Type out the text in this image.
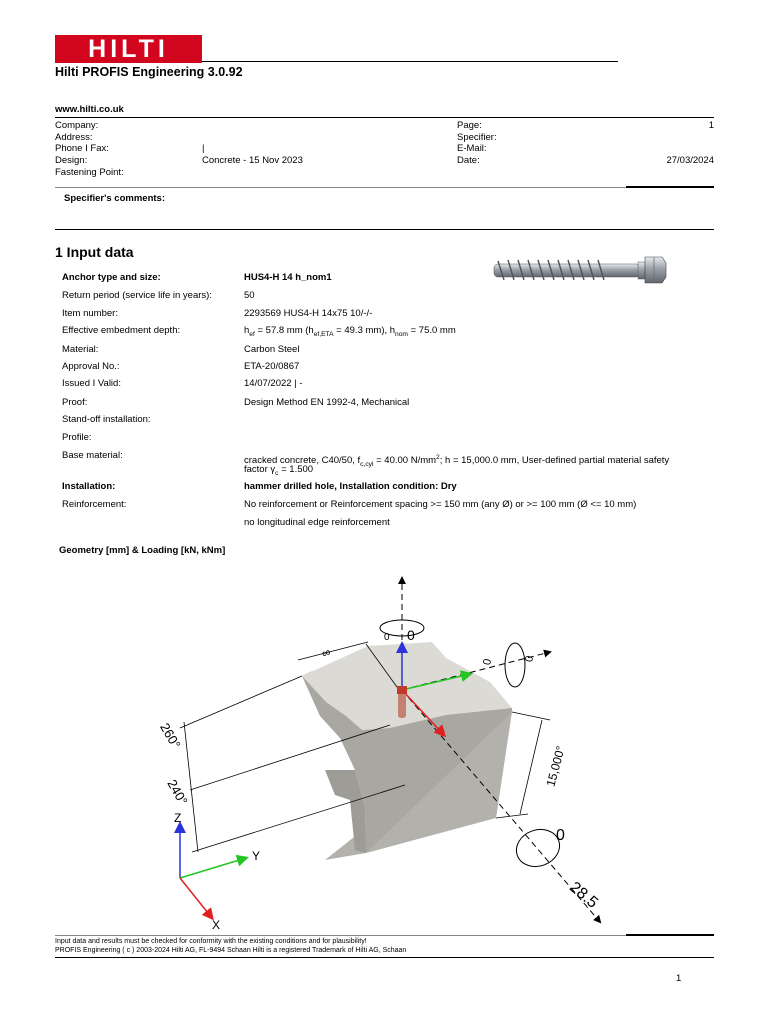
HILTI
Hilti PROFIS Engineering 3.0.92
www.hilti.co.uk
Company:
Address:
Phone I Fax:	|
Design:	Concrete - 15 Nov 2023
Fastening Point:
Page:	1
Specifier:
E-Mail:
Date:	27/03/2024
Specifier's comments:
1 Input data
Anchor type and size:	HUS4-H 14 h_nom1
Return period (service life in years):	50
Item number:	2293569 HUS4-H 14x75 10/-/-
Effective embedment depth:	$h_{ef} = 57.8$ mm ($h_{ef,ETA} = 49.3$ mm), $h_{nom} = 75.0$ mm
Material:	Carbon Steel
Approval No.:	ETA-20/0867
Issued I Valid:	14/07/2022 | -
Proof:	Design Method EN 1992-4, Mechanical
Stand-off installation:
Profile:
Base material:	cracked concrete, C40/50, $f_{c,cyl} = 40.00$ $N/mm^2$; h = 15,000.0 mm, User-defined partial material safety
factor $\gamma_c = 1.500$
Installation:	hammer drilled hole, Installation condition: Dry
Reinforcement:	No reinforcement or Reinforcement spacing >= 150 mm (any Ø) or >= 100 mm (Ø <= 10 mm)
no longitudinal edge reinforcement
Geometry [mm] & Loading [kN, kNm]
0
0
0	0
0
28.5
∞
260°
240°
15,000°
Z
Y
X
Input data and results must be checked for conformity with the existing conditions and for plausibility!
PROFIS Engineering ( c ) 2003-2024 Hilti AG, FL-9494 Schaan Hilti is a registered Trademark of Hilti AG, Schaan
1
